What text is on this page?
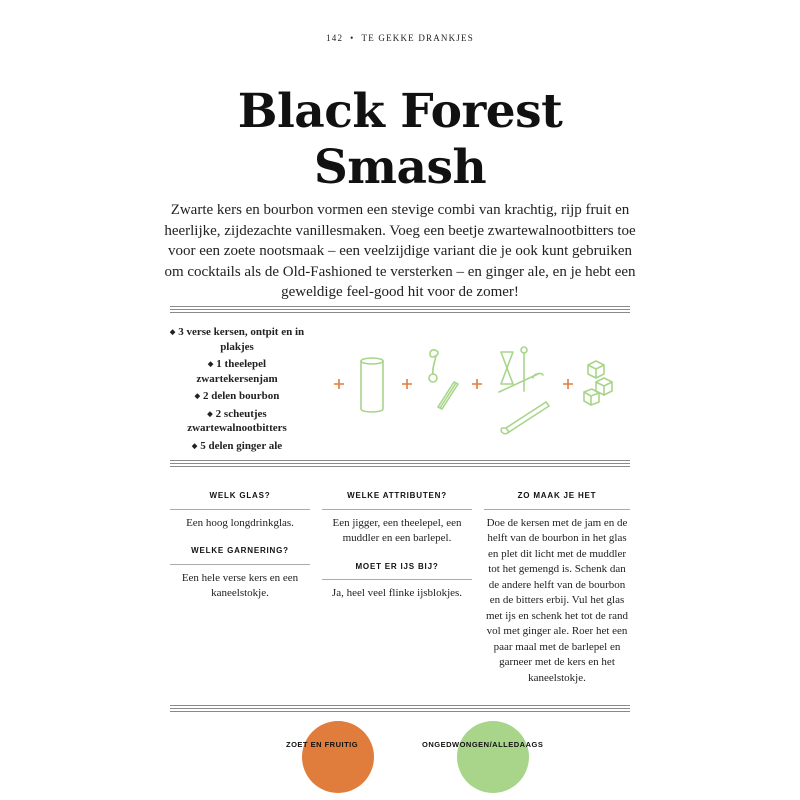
142 • TE GEKKE DRANKJES
Black Forest
Smash

Zwarte kers en bourbon vormen een stevige combi van krachtig, rijp fruit en heerlijke, zijdezachte vanillesmaken. Voeg een beetje zwartewalnootbitters toe voor een zoete nootsmaak – een veelzijdige variant die je ook kunt gebruiken om cocktails als de Old-Fashioned te versterken – en ginger ale, en je hebt een geweldige feel-good hit voor de zomer!

◆ 3 verse kersen, ontpit en in plakjes
◆ 1 theelepel zwartekersenjam
◆ 2 delen bourbon
◆ 2 scheutjes zwartewalnootbitters
◆ 5 delen ginger ale
WELK GLAS?

Een hoog longdrinkglas.

WELKE GARNERING?

Een hele verse kers en een kaneelstokje.

WELKE ATTRIBUTEN?

Een jigger, een theelepel, een muddler en een barlepel.

MOET ER IJS BIJ?

Ja, heel veel flinke ijsblokjes.

ZO MAAK JE HET

Doe de kersen met de jam en de helft van de bourbon in het glas en plet dit licht met de muddler tot het gemengd is. Schenk dan de andere helft van de bourbon en de bitters erbij. Vul het glas met ijs en schenk het tot de rand vol met ginger ale. Roer het een paar maal met de barlepel en garneer met de kers en het kaneelstokje.

ZOET EN FRUITIG	ONGEDWONGEN/ALLEDAAGS
